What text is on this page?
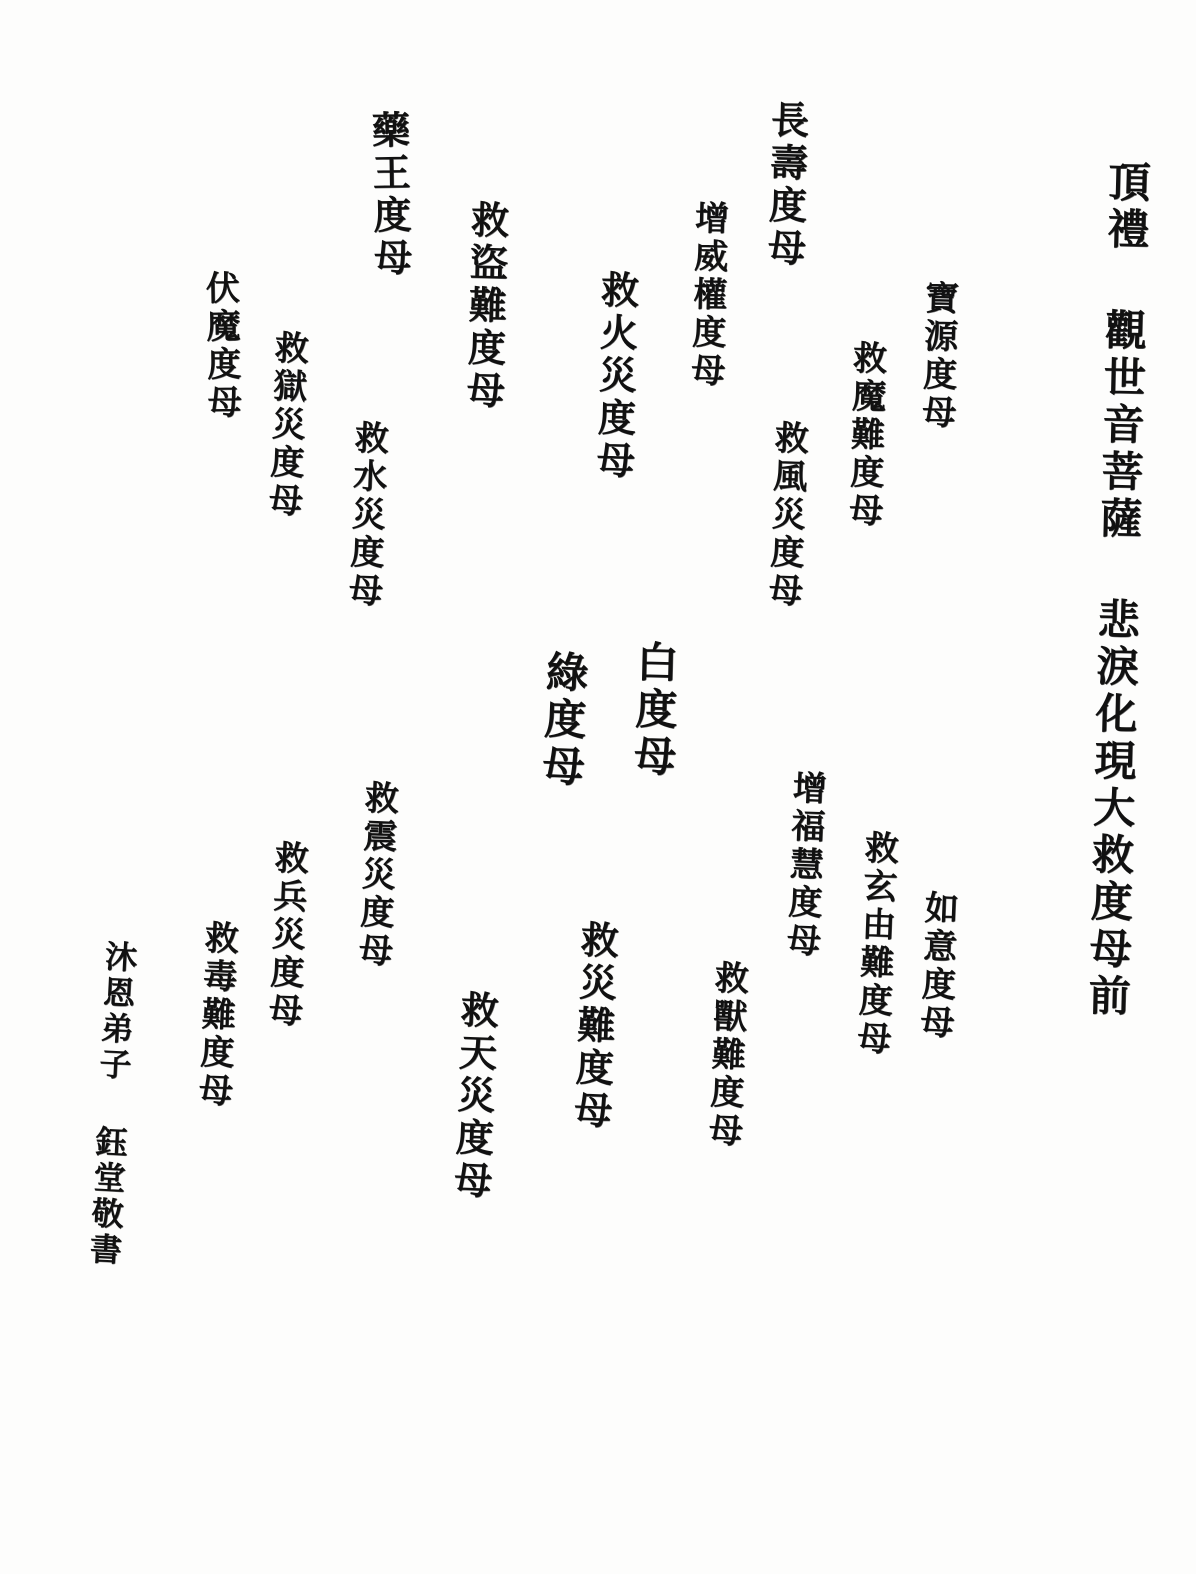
頂禮 觀世音菩薩 悲淚化現大救度母前
如意度母
救玄由難度母
增福慧度母
救獸難度母
寶源度母
救魔難度母
救風災度母
長壽度母
增威權度母
救災難度母
白度母
綠度母
救火災度母
救天災度母
救盜難度母
藥王度母
救水災度母
救震災度母
救獄災度母
救兵災度母
伏魔度母
救毒難度母
沐恩弟子 鈺堂敬書
